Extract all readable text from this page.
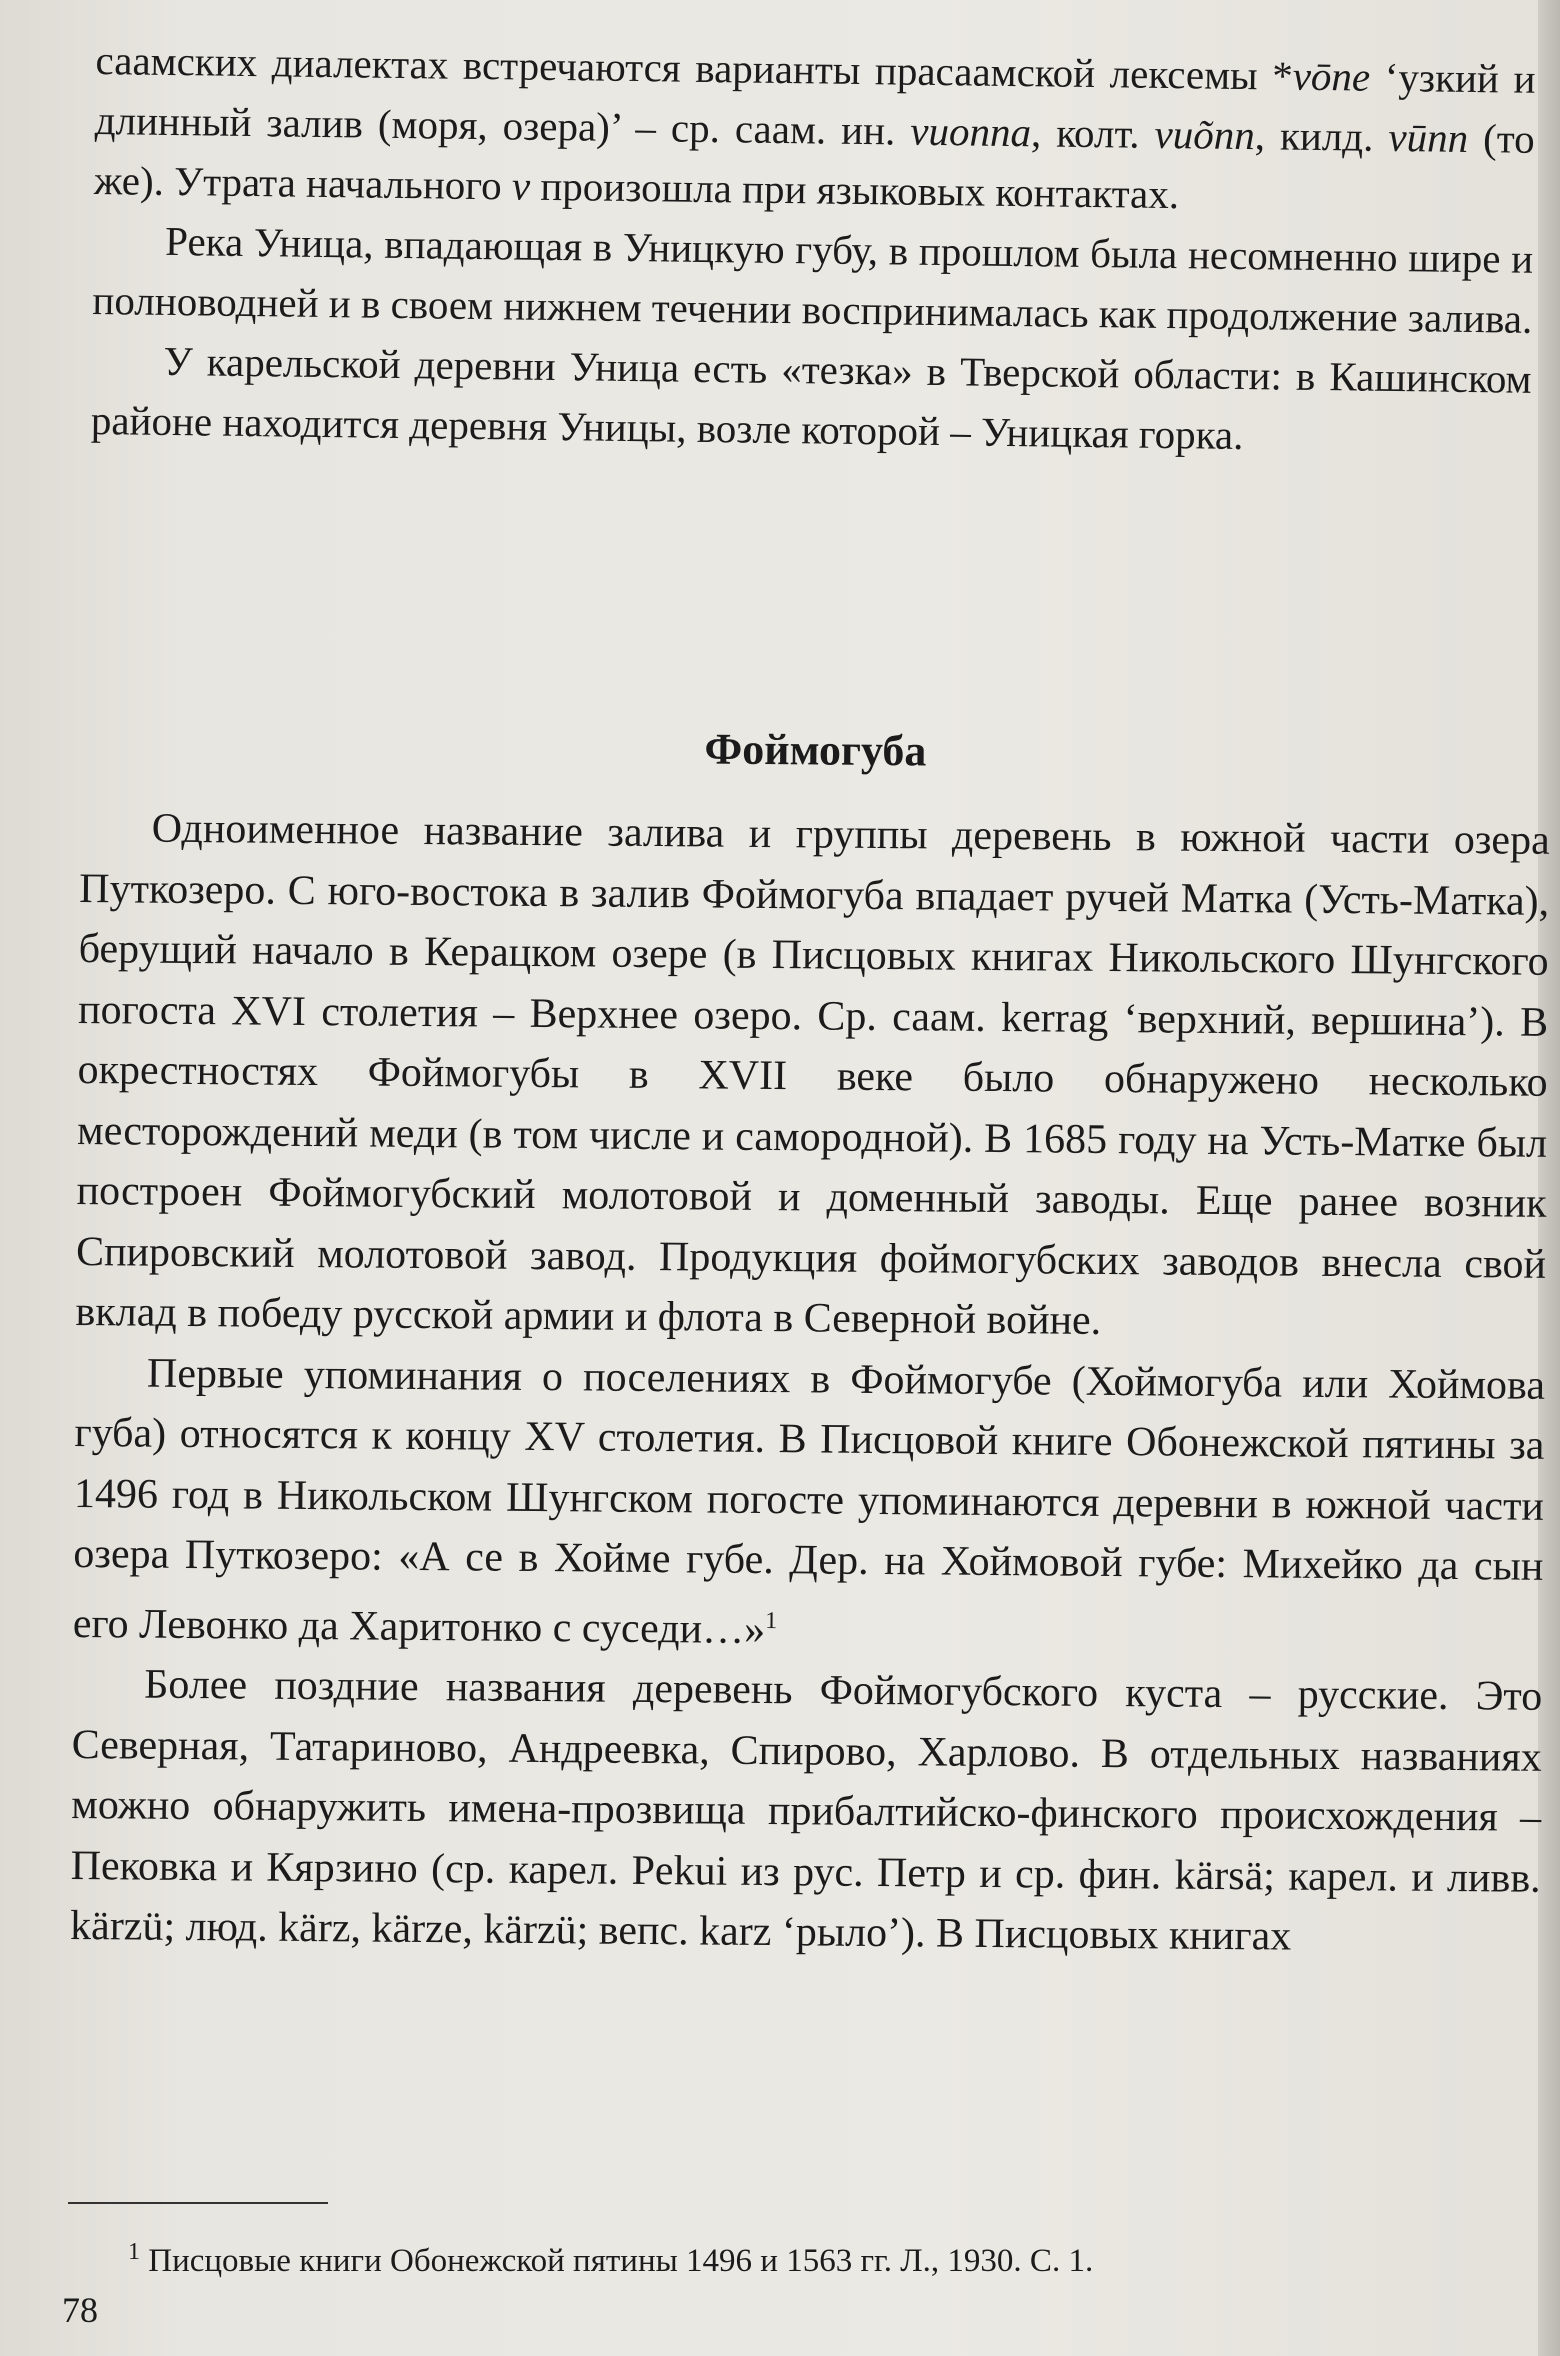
саамских диалектах встречаются варианты прасаамской лексемы *vōne ‘узкий и длинный залив (моря, озера)’ – ср. саам. ин. vuonna, колт. vuõnn, килд. vūnn (то же). Утрата начального v произошла при языковых контактах.

Река Уница, впадающая в Уницкую губу, в прошлом была несомненно шире и полноводней и в своем нижнем течении воспринималась как продолжение залива.

У карельской деревни Уница есть «тезка» в Тверской области: в Кашинском районе находится деревня Уницы, возле которой – Уницкая горка.

Фоймогуба

Одноименное название залива и группы деревень в южной части озера Путкозеро. С юго-востока в залив Фоймогуба впадает ручей Матка (Усть-Матка), берущий начало в Керацком озере (в Писцовых книгах Никольского Шунгского погоста XVI столетия – Верхнее озеро. Ср. саам. kerrag ‘верхний, вершина’). В окрестностях Фоймогубы в XVII веке было обнаружено несколько месторождений меди (в том числе и самородной). В 1685 году на Усть-Матке был построен Фоймогубский молотовой и доменный заводы. Еще ранее возник Спировский молотовой завод. Продукция фоймогубских заводов внесла свой вклад в победу русской армии и флота в Северной войне.

Первые упоминания о поселениях в Фоймогубе (Хоймогуба или Хоймова губа) относятся к концу XV столетия. В Писцовой книге Обонежской пятины за 1496 год в Никольском Шунгском погосте упоминаются деревни в южной части озера Путкозеро: «А се в Хойме губе. Дер. на Хоймовой губе: Михейко да сын его Левонко да Харитонко с суседи…»$^1$

Более поздние названия деревень Фоймогубского куста – русские. Это Северная, Татариново, Андреевка, Спирово, Харлово. В отдельных названиях можно обнаружить имена-прозвища прибалтийско-финского происхождения – Пековка и Кярзино (ср. карел. Pekui из рус. Петр и ср. фин. kärsä; карел. и ливв. kärzü; люд. kärz, kärze, kärzü; вепс. karz ‘рыло’). В Писцовых книгах

$^1$ Писцовые книги Обонежской пятины 1496 и 1563 гг. Л., 1930. С. 1.
78
